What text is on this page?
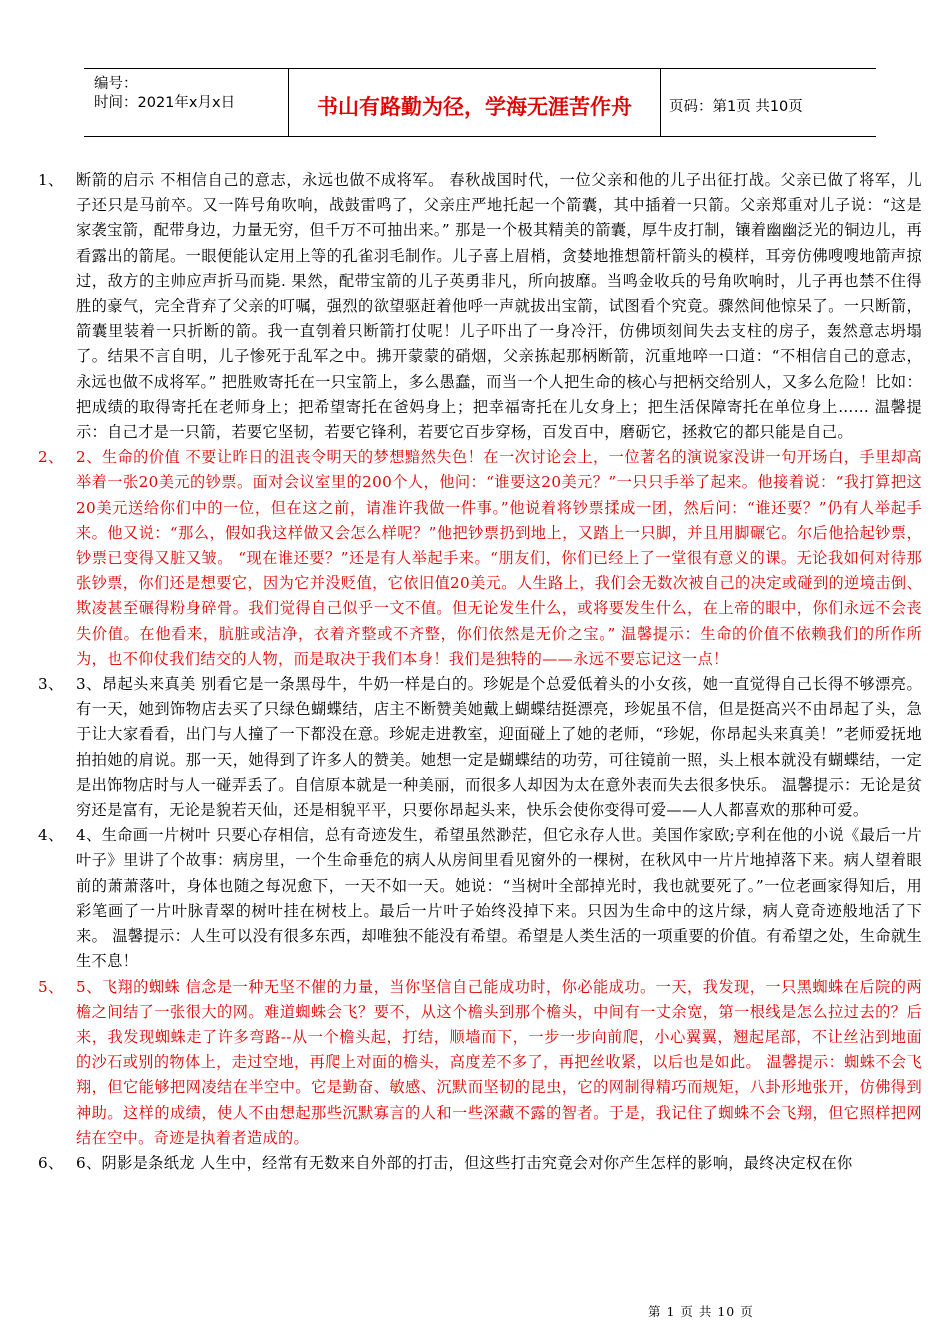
编号：
时间：2021年x月x日	书山有路勤为径，学海无涯苦作舟	页码：第1页 共10页
1、 断箭的启示 不相信自己的意志，永远也做不成将军。 春秋战国时代，一位父亲和他的儿子出征打战。父亲已做了将军，儿子还只是马前卒。又一阵号角吹响，战鼓雷鸣了，父亲庄严地托起一个箭囊，其中插着一只箭。父亲郑重对儿子说：“这是家袭宝箭，配带身边，力量无穷，但千万不可抽出来。” 那是一个极其精美的箭囊，厚牛皮打制，镶着幽幽泛光的铜边儿，再看露出的箭尾。一眼便能认定用上等的孔雀羽毛制作。儿子喜上眉梢，贪婪地推想箭杆箭头的模样，耳旁仿佛嗖嗖地箭声掠过，敌方的主帅应声折马而毙. 果然，配带宝箭的儿子英勇非凡，所向披靡。当鸣金收兵的号角吹响时，儿子再也禁不住得胜的豪气，完全背弃了父亲的叮嘱，强烈的欲望驱赶着他呼一声就拔出宝箭，试图看个究竟。骤然间他惊呆了。一只断箭，箭囊里装着一只折断的箭。我一直刳着只断箭打仗呢！儿子吓出了一身冷汗，仿佛顷刻间失去支柱的房子，轰然意志坍塌了。结果不言自明，儿子惨死于乱军之中。拂开蒙蒙的硝烟，父亲拣起那柄断箭，沉重地啐一口道：“不相信自己的意志，永远也做不成将军。” 把胜败寄托在一只宝箭上，多么愚蠢，而当一个人把生命的核心与把柄交给别人，又多么危险！比如：把成绩的取得寄托在老师身上；把希望寄托在爸妈身上；把幸福寄托在儿女身上；把生活保障寄托在单位身上…… 温馨提示：自己才是一只箭，若要它坚韧，若要它锋利，若要它百步穿杨，百发百中，磨砺它，拯救它的都只能是自己。
2、 2、生命的价值 不要让昨日的沮丧令明天的梦想黯然失色！在一次讨论会上，一位著名的演说家没讲一句开场白，手里却高举着一张20美元的钞票。面对会议室里的200个人，他问：“谁要这20美元？”一只只手举了起来。他接着说：“我打算把这20美元送给你们中的一位，但在这之前，请准许我做一件事。”他说着将钞票揉成一团，然后问：“谁还要？”仍有人举起手来。他又说：“那么，假如我这样做又会怎么样呢？”他把钞票扔到地上，又踏上一只脚，并且用脚碾它。尔后他拾起钞票，钞票已变得又脏又皱。 “现在谁还要？”还是有人举起手来。“朋友们，你们已经上了一堂很有意义的课。无论我如何对待那张钞票，你们还是想要它，因为它并没贬值，它依旧值20美元。人生路上，我们会无数次被自己的决定或碰到的逆境击倒、欺凌甚至碾得粉身碎骨。我们觉得自己似乎一文不值。但无论发生什么，或将要发生什么，在上帝的眼中，你们永远不会丧失价值。在他看来，肮脏或洁净，衣着齐整或不齐整，你们依然是无价之宝。” 温馨提示：生命的价值不依赖我们的所作所为，也不仰仗我们结交的人物，而是取决于我们本身！我们是独特的——永远不要忘记这一点！
3、 3、昂起头来真美 别看它是一条黑母牛，牛奶一样是白的。珍妮是个总爱低着头的小女孩，她一直觉得自己长得不够漂亮。有一天，她到饰物店去买了只绿色蝴蝶结，店主不断赞美她戴上蝴蝶结挺漂亮，珍妮虽不信，但是挺高兴不由昂起了头，急于让大家看看，出门与人撞了一下都没在意。珍妮走进教室，迎面碰上了她的老师，“珍妮，你昂起头来真美！”老师爱抚地拍拍她的肩说。那一天，她得到了许多人的赞美。她想一定是蝴蝶结的功劳，可往镜前一照，头上根本就没有蝴蝶结，一定是出饰物店时与人一碰弄丢了。自信原本就是一种美丽，而很多人却因为太在意外表而失去很多快乐。 温馨提示：无论是贫穷还是富有，无论是貌若天仙，还是相貌平平，只要你昂起头来，快乐会使你变得可爱——人人都喜欢的那种可爱。
4、 4、生命画一片树叶 只要心存相信，总有奇迹发生，希望虽然渺茫，但它永存人世。美国作家欧;亨利在他的小说《最后一片叶子》里讲了个故事：病房里，一个生命垂危的病人从房间里看见窗外的一棵树，在秋风中一片片地掉落下来。病人望着眼前的萧萧落叶，身体也随之每况愈下，一天不如一天。她说：“当树叶全部掉光时，我也就要死了。”一位老画家得知后，用彩笔画了一片叶脉青翠的树叶挂在树枝上。最后一片叶子始终没掉下来。只因为生命中的这片绿，病人竟奇迹般地活了下来。 温馨提示：人生可以没有很多东西，却唯独不能没有希望。希望是人类生活的一项重要的价值。有希望之处，生命就生生不息！
5、 5、飞翔的蜘蛛 信念是一种无坚不催的力量，当你坚信自己能成功时，你必能成功。一天，我发现，一只黑蜘蛛在后院的两檐之间结了一张很大的网。难道蜘蛛会飞？要不，从这个檐头到那个檐头，中间有一丈余宽，第一根线是怎么拉过去的？后来，我发现蜘蛛走了许多弯路--从一个檐头起，打结，顺墙而下，一步一步向前爬，小心翼翼，翘起尾部，不让丝沾到地面的沙石或别的物体上，走过空地，再爬上对面的檐头，高度差不多了，再把丝收紧，以后也是如此。 温馨提示：蜘蛛不会飞翔，但它能够把网凌结在半空中。它是勤奋、敏感、沉默而坚韧的昆虫，它的网制得精巧而规矩，八卦形地张开，仿佛得到神助。这样的成绩，使人不由想起那些沉默寡言的人和一些深藏不露的智者。于是，我记住了蜘蛛不会飞翔，但它照样把网结在空中。奇迹是执着者造成的。
6、 6、阴影是条纸龙 人生中，经常有无数来自外部的打击，但这些打击究竟会对你产生怎样的影响，最终决定权在你
第 1 页 共 10 页
